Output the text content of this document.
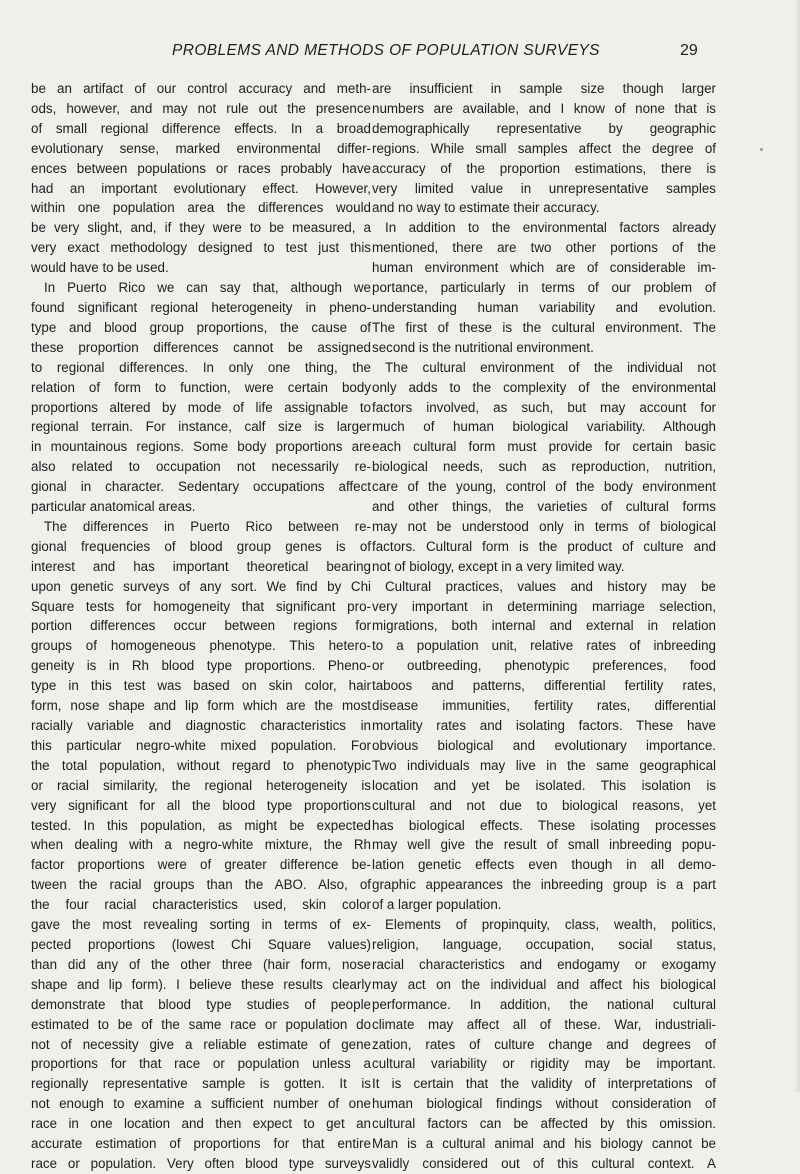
PROBLEMS AND METHODS OF POPULATION SURVEYS	29
be an artifact of our control accuracy and meth-
ods, however, and may not rule out the presence
of small regional difference effects. In a broad
evolutionary sense, marked environmental differ-
ences between populations or races probably have
had an important evolutionary effect. However,
within one population area the differences would
be very slight, and, if they were to be measured, a
very exact methodology designed to test just this
would have to be used.
In Puerto Rico we can say that, although we
found significant regional heterogeneity in pheno-
type and blood group proportions, the cause of
these proportion differences cannot be assigned
to regional differences. In only one thing, the
relation of form to function, were certain body
proportions altered by mode of life assignable to
regional terrain. For instance, calf size is larger
in mountainous regions. Some body proportions are
also related to occupation not necessarily re-
gional in character. Sedentary occupations affect
particular anatomical areas.
The differences in Puerto Rico between re-
gional frequencies of blood group genes is of
interest and has important theoretical bearing
upon genetic surveys of any sort. We find by Chi
Square tests for homogeneity that significant pro-
portion differences occur between regions for
groups of homogeneous phenotype. This hetero-
geneity is in Rh blood type proportions. Pheno-
type in this test was based on skin color, hair
form, nose shape and lip form which are the most
racially variable and diagnostic characteristics in
this particular negro-white mixed population. For
the total population, without regard to phenotypic
or racial similarity, the regional heterogeneity is
very significant for all the blood type proportions
tested. In this population, as might be expected
when dealing with a negro-white mixture, the Rh
factor proportions were of greater difference be-
tween the racial groups than the ABO. Also, of
the four racial characteristics used, skin color
gave the most revealing sorting in terms of ex-
pected proportions (lowest Chi Square values)
than did any of the other three (hair form, nose
shape and lip form). I believe these results clearly
demonstrate that blood type studies of people
estimated to be of the same race or population do
not of necessity give a reliable estimate of gene
proportions for that race or population unless a
regionally representative sample is gotten. It is
not enough to examine a sufficient number of one
race in one location and then expect to get an
accurate estimation of proportions for that entire
race or population. Very often blood type surveys
are insufficient in sample size though larger
numbers are available, and I know of none that is
demographically representative by geographic
regions. While small samples affect the degree of
accuracy of the proportion estimations, there is
very limited value in unrepresentative samples
and no way to estimate their accuracy.
In addition to the environmental factors already
mentioned, there are two other portions of the
human environment which are of considerable im-
portance, particularly in terms of our problem of
understanding human variability and evolution.
The first of these is the cultural environment. The
second is the nutritional environment.
The cultural environment of the individual not
only adds to the complexity of the environmental
factors involved, as such, but may account for
much of human biological variability. Although
each cultural form must provide for certain basic
biological needs, such as reproduction, nutrition,
care of the young, control of the body environment
and other things, the varieties of cultural forms
may not be understood only in terms of biological
factors. Cultural form is the product of culture and
not of biology, except in a very limited way.
Cultural practices, values and history may be
very important in determining marriage selection,
migrations, both internal and external in relation
to a population unit, relative rates of inbreeding
or outbreeding, phenotypic preferences, food
taboos and patterns, differential fertility rates,
disease immunities, fertility rates, differential
mortality rates and isolating factors. These have
obvious biological and evolutionary importance.
Two individuals may live in the same geographical
location and yet be isolated. This isolation is
cultural and not due to biological reasons, yet
has biological effects. These isolating processes
may well give the result of small inbreeding popu-
lation genetic effects even though in all demo-
graphic appearances the inbreeding group is a part
of a larger population.
Elements of propinquity, class, wealth, politics,
religion, language, occupation, social status,
racial characteristics and endogamy or exogamy
may act on the individual and affect his biological
performance. In addition, the national cultural
climate may affect all of these. War, industriali-
zation, rates of culture change and degrees of
cultural variability or rigidity may be important.
It is certain that the validity of interpretations of
human biological findings without consideration of
cultural factors can be affected by this omission.
Man is a cultural animal and his biology cannot be
validly considered out of this cultural context. A
